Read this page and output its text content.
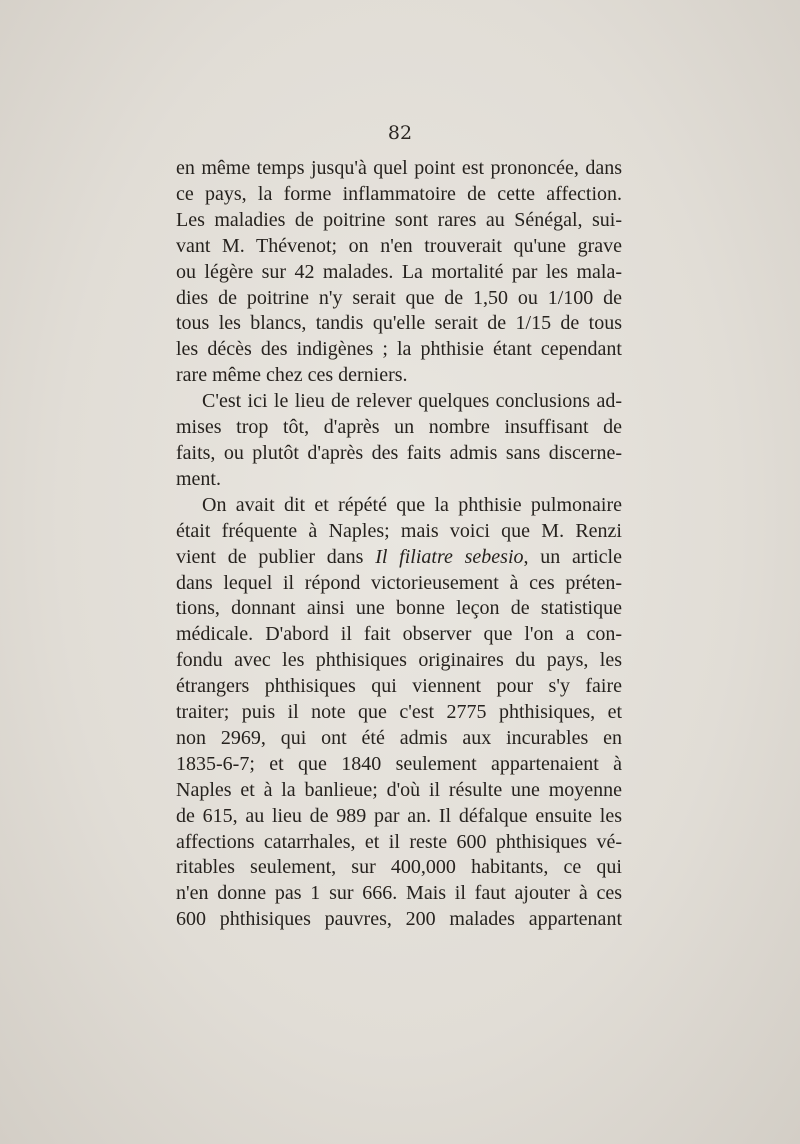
82

en même temps jusqu'à quel point est prononcée, dans
ce pays, la forme inflammatoire de cette affection.
Les maladies de poitrine sont rares au Sénégal, sui-
vant M. Thévenot; on n'en trouverait qu'une grave
ou légère sur 42 malades. La mortalité par les mala-
dies de poitrine n'y serait que de 1,50 ou 1/100 de
tous les blancs, tandis qu'elle serait de 1/15 de tous
les décès des indigènes ; la phthisie étant cependant
rare même chez ces derniers.

C'est ici le lieu de relever quelques conclusions ad-
mises trop tôt, d'après un nombre insuffisant de
faits, ou plutôt d'après des faits admis sans discerne-
ment.

On avait dit et répété que la phthisie pulmonaire
était fréquente à Naples; mais voici que M. Renzi
vient de publier dans Il filiatre sebesio, un article
dans lequel il répond victorieusement à ces préten-
tions, donnant ainsi une bonne leçon de statistique
médicale. D'abord il fait observer que l'on a con-
fondu avec les phthisiques originaires du pays, les
étrangers phthisiques qui viennent pour s'y faire
traiter; puis il note que c'est 2775 phthisiques, et
non 2969, qui ont été admis aux incurables en
1835-6-7; et que 1840 seulement appartenaient à
Naples et à la banlieue; d'où il résulte une moyenne
de 615, au lieu de 989 par an. Il défalque ensuite les
affections catarrhales, et il reste 600 phthisiques vé-
ritables seulement, sur 400,000 habitants, ce qui
n'en donne pas 1 sur 666. Mais il faut ajouter à ces
600 phthisiques pauvres, 200 malades appartenant
